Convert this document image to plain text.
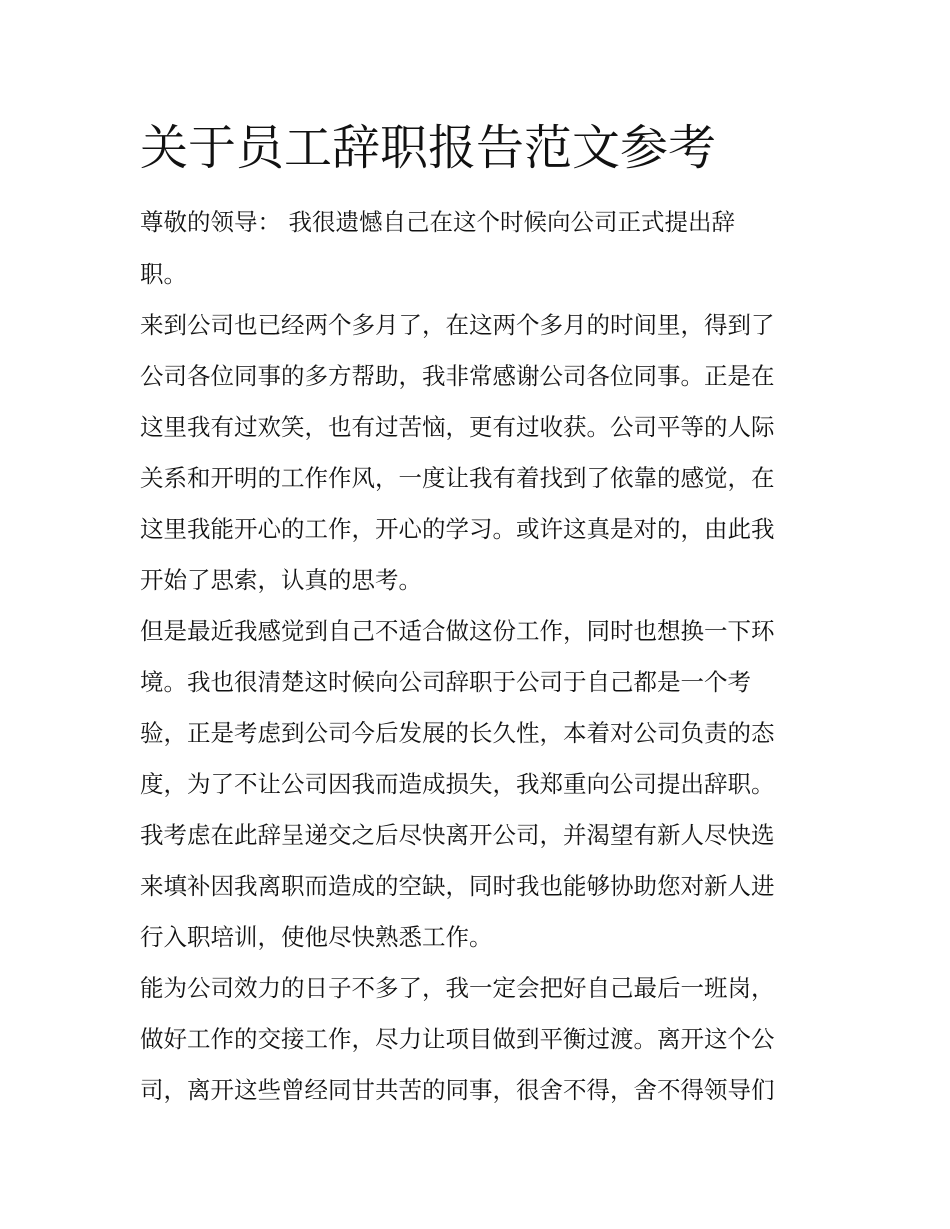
关于员工辞职报告范文参考

尊敬的领导： 我很遗憾自己在这个时候向公司正式提出辞

职。

来到公司也已经两个多月了，在这两个多月的时间里，得到了

公司各位同事的多方帮助，我非常感谢公司各位同事。正是在

这里我有过欢笑，也有过苦恼，更有过收获。公司平等的人际

关系和开明的工作作风，一度让我有着找到了依靠的感觉，在

这里我能开心的工作，开心的学习。或许这真是对的，由此我

开始了思索，认真的思考。

但是最近我感觉到自己不适合做这份工作，同时也想换一下环

境。我也很清楚这时候向公司辞职于公司于自己都是一个考

验，正是考虑到公司今后发展的长久性，本着对公司负责的态

度，为了不让公司因我而造成损失，我郑重向公司提出辞职。

我考虑在此辞呈递交之后尽快离开公司，并渴望有新人尽快选

来填补因我离职而造成的空缺，同时我也能够协助您对新人进

行入职培训，使他尽快熟悉工作。

能为公司效力的日子不多了，我一定会把好自己最后一班岗，

做好工作的交接工作，尽力让项目做到平衡过渡。离开这个公

司，离开这些曾经同甘共苦的同事，很舍不得，舍不得领导们
